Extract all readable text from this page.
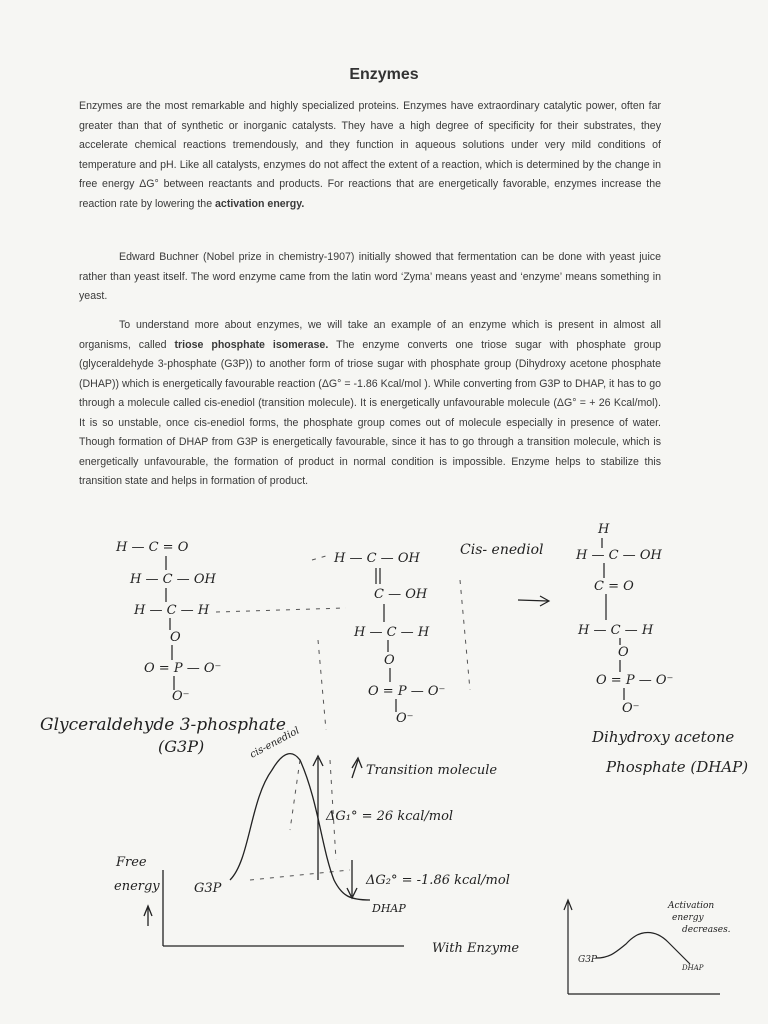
Enzymes

Enzymes are the most remarkable and highly specialized proteins. Enzymes have extraordinary catalytic power, often far greater than that of synthetic or inorganic catalysts. They have a high degree of specificity for their substrates, they accelerate chemical reactions tremendously, and they function in aqueous solutions under very mild conditions of temperature and pH. Like all catalysts, enzymes do not affect the extent of a reaction, which is determined by the change in free energy ΔG° between reactants and products. For reactions that are energetically favorable, enzymes increase the reaction rate by lowering the activation energy.

Edward Buchner (Nobel prize in chemistry-1907) initially showed that fermentation can be done with yeast juice rather than yeast itself. The word enzyme came from the latin word ‘Zyma’ means yeast and ‘enzyme’ means something in yeast.

To understand more about enzymes, we will take an example of an enzyme which is present in almost all organisms, called triose phosphate isomerase. The enzyme converts one triose sugar with phosphate group (glyceraldehyde 3-phosphate (G3P)) to another form of triose sugar with phosphate group (Dihydroxy acetone phosphate (DHAP)) which is energetically favourable reaction (ΔG° = -1.86 Kcal/mol ). While converting from G3P to DHAP, it has to go through a molecule called cis-enediol (transition molecule). It is energetically unfavourable molecule (ΔG° = + 26 Kcal/mol). It is so unstable, once cis-enediol forms, the phosphate group comes out of molecule especially in presence of water. Though formation of DHAP from G3P is energetically favourable, since it has to go through a transition molecule, which is energetically unfavourable, the formation of product in normal condition is impossible. Enzyme helps to stabilize this transition state and helps in formation of product.

H — C = O
H — C — OH
H — C — H
O
O = P — O⁻
O⁻
Glyceraldehyde 3-phosphate
(G3P)
H — C — OH
Cis- enediol
C — OH
H — C — H
O
O = P — O⁻
O⁻
H
H — C — OH
C = O
H — C — H
O
O = P — O⁻
O⁻
Dihydroxy acetone
Phosphate (DHAP)
cis-enediol
Transition molecule
ΔG₁° = 26 kcal/mol
ΔG₂° = -1.86 kcal/mol
Free
energy	G3P
DHAP
With Enzyme
G3P
DHAP
Activation
energy
decreases.
